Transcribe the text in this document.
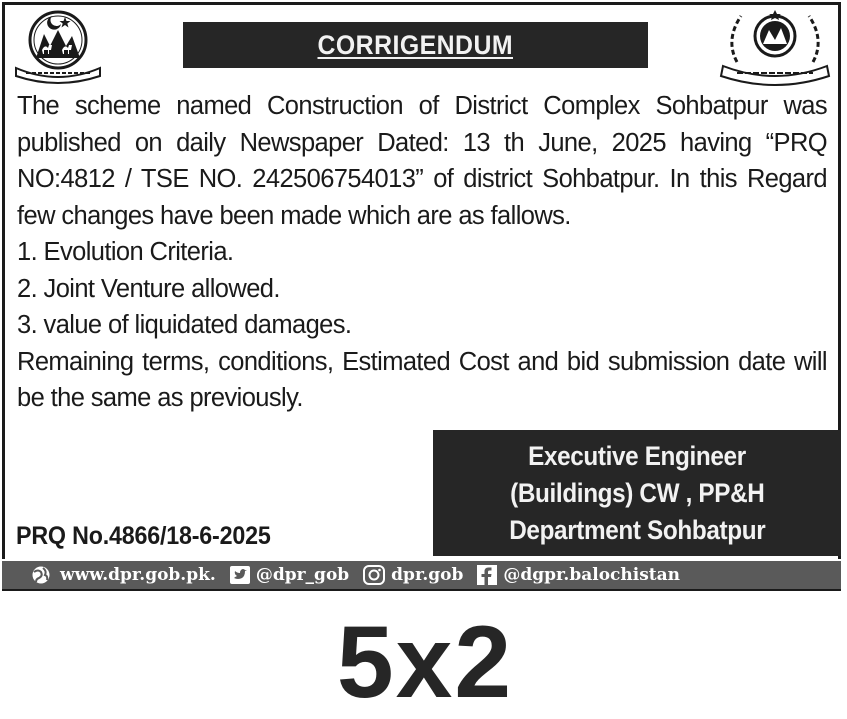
CORRIGENDUM

The scheme named Construction of District Complex Sohbatpur was published on daily Newspaper Dated: 13 th June, 2025 having “PRQ NO:4812 / TSE NO. 242506754013” of district Sohbatpur. In this Regard few changes have been made which are as fallows.

1. Evolution Criteria.

2. Joint Venture allowed.

3. value of liquidated damages.

Remaining terms, conditions, Estimated Cost and bid submission date will be the same as previously.

Executive Engineer
(Buildings) CW , PP&H
Department Sohbatpur
PRQ No.4866/18-6-2025
www.dpr.gob.pk. @dpr_gob dpr.gob @dgpr.balochistan
5x2
